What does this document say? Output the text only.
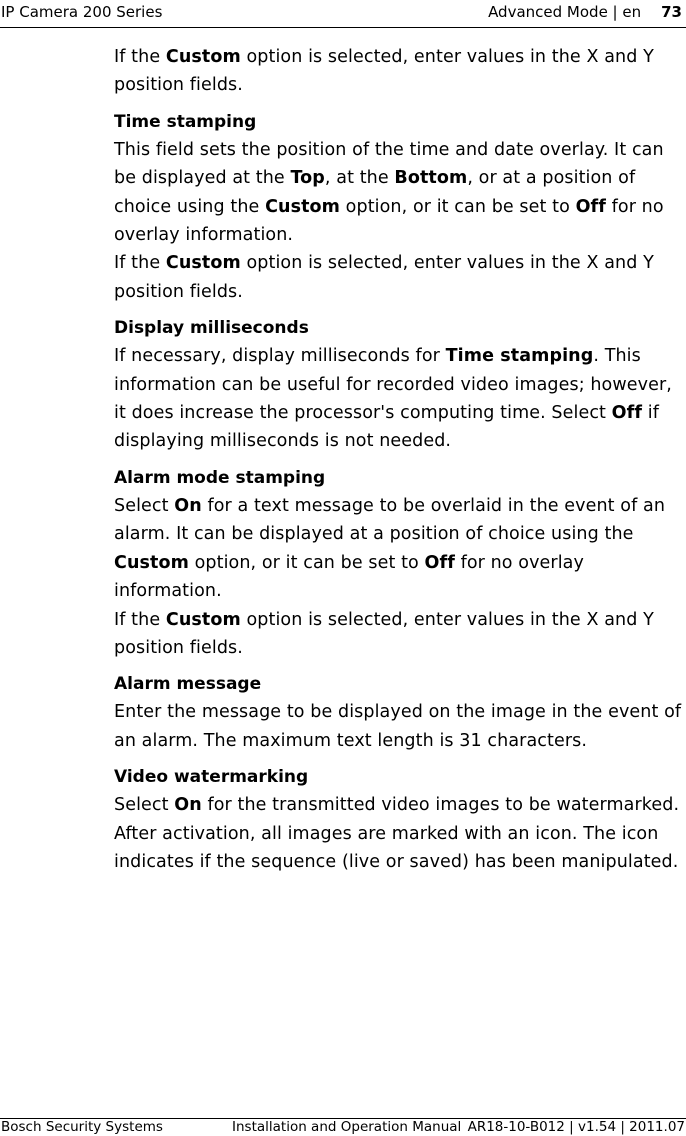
IP Camera 200 Series	Advanced Mode | en 73

If the Custom option is selected, enter values in the X and Y position fields.

Time stamping

This field sets the position of the time and date overlay. It can be displayed at the Top, at the Bottom, or at a position of choice using the Custom option, or it can be set to Off for no overlay information.

If the Custom option is selected, enter values in the X and Y position fields.

Display milliseconds

If necessary, display milliseconds for Time stamping. This information can be useful for recorded video images; however, it does increase the processor's computing time. Select Off if displaying milliseconds is not needed.

Alarm mode stamping

Select On for a text message to be overlaid in the event of an alarm. It can be displayed at a position of choice using the Custom option, or it can be set to Off for no overlay information.

If the Custom option is selected, enter values in the X and Y position fields.

Alarm message

Enter the message to be displayed on the image in the event of an alarm. The maximum text length is 31 characters.

Video watermarking

Select On for the transmitted video images to be watermarked. After activation, all images are marked with an icon. The icon indicates if the sequence (live or saved) has been manipulated.

Bosch Security Systems	Installation and Operation Manual AR18-10-B012 | v1.54 | 2011.07
